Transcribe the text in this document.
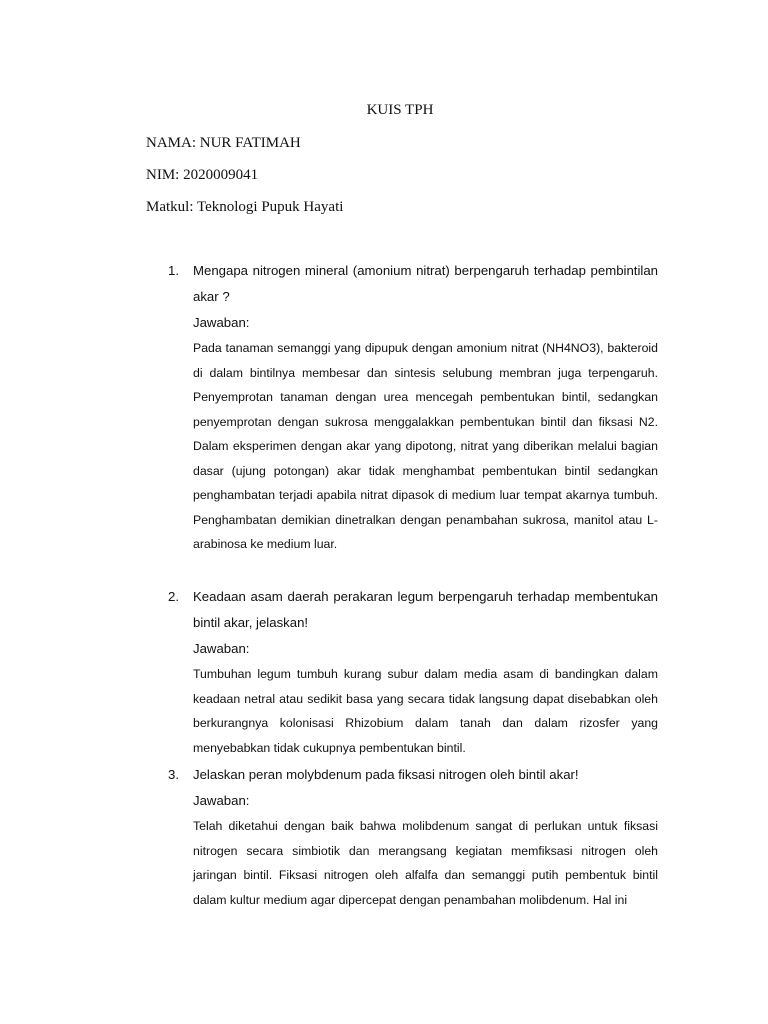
KUIS TPH
NAMA: NUR FATIMAH
NIM: 2020009041
Matkul: Teknologi Pupuk Hayati
1. Mengapa nitrogen mineral (amonium nitrat) berpengaruh terhadap pembintilan akar ?
Jawaban:
Pada tanaman semanggi yang dipupuk dengan amonium nitrat (NH4NO3), bakteroid di dalam bintilnya membesar dan sintesis selubung membran juga terpengaruh. Penyemprotan tanaman dengan urea mencegah pembentukan bintil, sedangkan penyemprotan dengan sukrosa menggalakkan pembentukan bintil dan fiksasi N2. Dalam eksperimen dengan akar yang dipotong, nitrat yang diberikan melalui bagian dasar (ujung potongan) akar tidak menghambat pembentukan bintil sedangkan penghambatan terjadi apabila nitrat dipasok di medium luar tempat akarnya tumbuh. Penghambatan demikian dinetralkan dengan penambahan sukrosa, manitol atau L-arabinosa ke medium luar.
2. Keadaan asam daerah perakaran legum berpengaruh terhadap membentukan bintil akar, jelaskan!
Jawaban:
Tumbuhan legum tumbuh kurang subur dalam media asam di bandingkan dalam keadaan netral atau sedikit basa yang secara tidak langsung dapat disebabkan oleh berkurangnya kolonisasi Rhizobium dalam tanah dan dalam rizosfer yang menyebabkan tidak cukupnya pembentukan bintil.
3. Jelaskan peran molybdenum pada fiksasi nitrogen oleh bintil akar!
Jawaban:
Telah diketahui dengan baik bahwa molibdenum sangat di perlukan untuk fiksasi nitrogen secara simbiotik dan merangsang kegiatan memfiksasi nitrogen oleh jaringan bintil. Fiksasi nitrogen oleh alfalfa dan semanggi putih pembentuk bintil dalam kultur medium agar dipercepat dengan penambahan molibdenum. Hal ini
